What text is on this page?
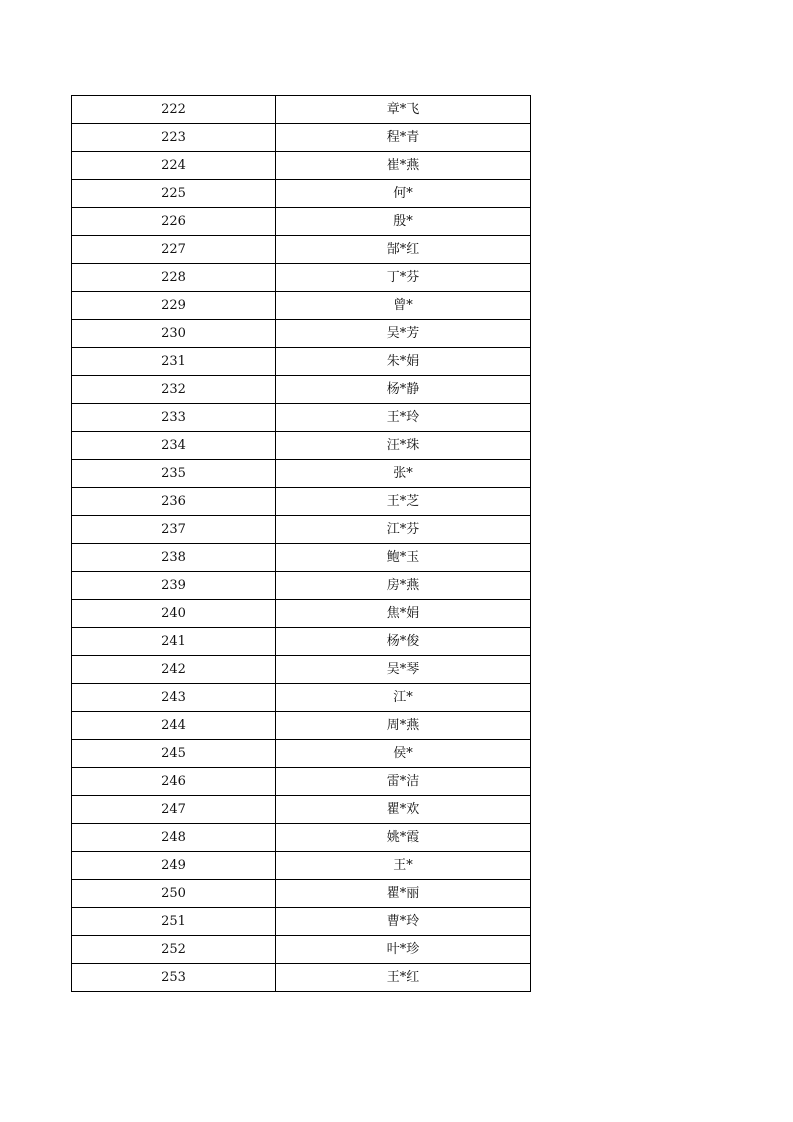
222	章*飞
223	程*青
224	崔*燕
225	何*
226	殷*
227	郜*红
228	丁*芬
229	曾*
230	吴*芳
231	朱*娟
232	杨*静
233	王*玲
234	汪*珠
235	张*
236	王*芝
237	江*芬
238	鲍*玉
239	房*燕
240	焦*娟
241	杨*俊
242	吴*琴
243	江*
244	周*燕
245	侯*
246	雷*洁
247	瞿*欢
248	姚*霞
249	王*
250	瞿*丽
251	曹*玲
252	叶*珍
253	王*红
